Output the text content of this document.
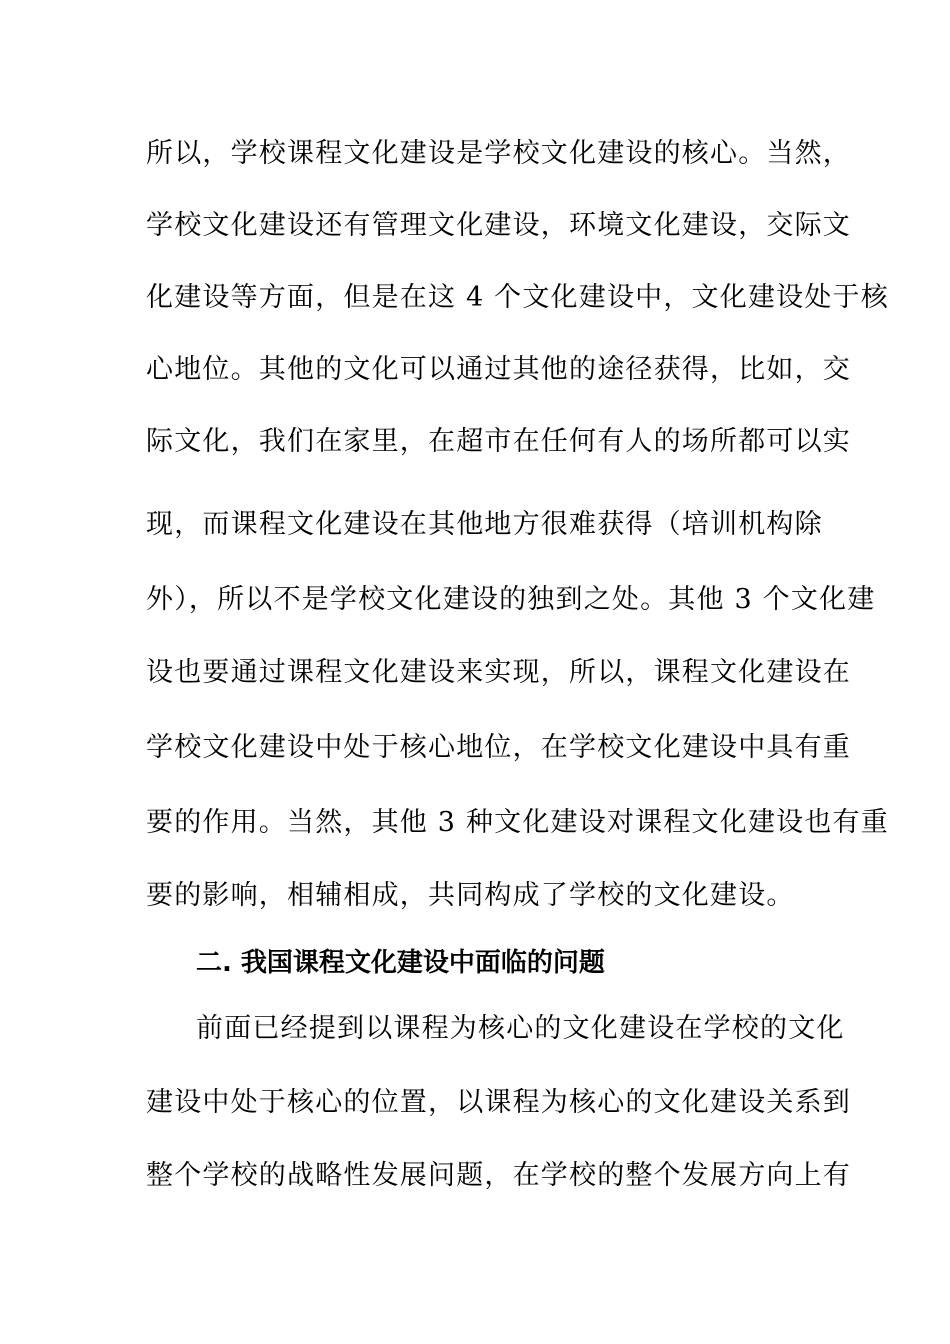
所以，学校课程文化建设是学校文化建设的核心。当然，
学校文化建设还有管理文化建设，环境文化建设，交际文
化建设等方面，但是在这 4 个文化建设中，文化建设处于核
心地位。其他的文化可以通过其他的途径获得，比如，交
际文化，我们在家里，在超市在任何有人的场所都可以实
现，而课程文化建设在其他地方很难获得（培训机构除
外），所以不是学校文化建设的独到之处。其他 3 个文化建
设也要通过课程文化建设来实现，所以，课程文化建设在
学校文化建设中处于核心地位，在学校文化建设中具有重
要的作用。当然，其他 3 种文化建设对课程文化建设也有重
要的影响，相辅相成，共同构成了学校的文化建设。
二. 我国课程文化建设中面临的问题
前面已经提到以课程为核心的文化建设在学校的文化
建设中处于核心的位置，以课程为核心的文化建设关系到
整个学校的战略性发展问题，在学校的整个发展方向上有
